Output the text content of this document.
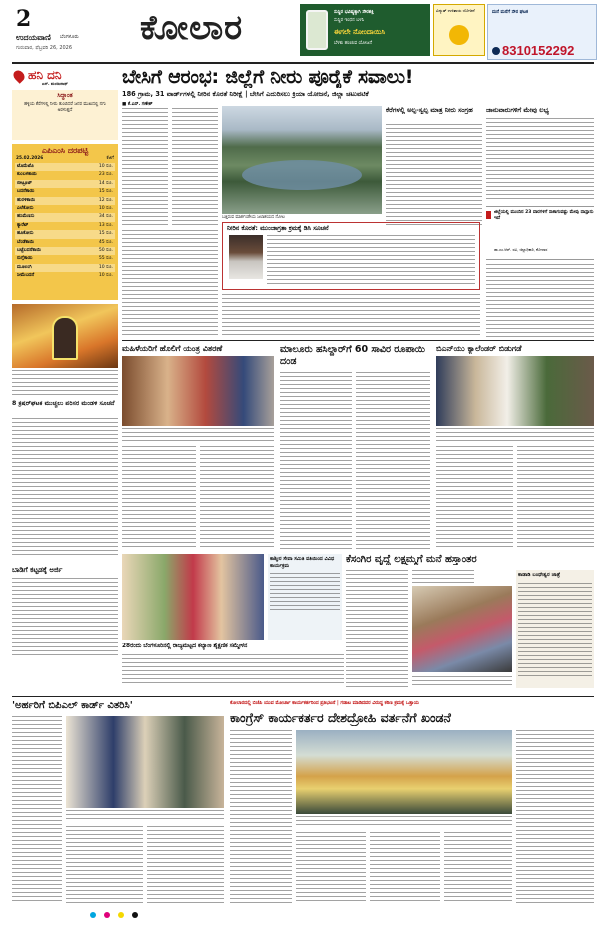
2
ಉದಯವಾಣಿ ಬೆಂಗಳೂರು
ಗುರುವಾರ, ಫೆಬ್ರವರಿ 26, 2026 ಕೋಲಾರ	ಸುಸ್ಥಿರ ಭವಿಷ್ಯಕ್ಕಾಗಿ ಸೌರಶಕ್ತಿ
ಸುಸ್ಥಿರ ಇಂಧನ ಬಳಸಿ
ಈಗಲೇ ನೋಂದಾಯಿಸಿ
ಬೆಳಕು ಹಂಚುವ ಯೋಜನೆ
ವಿದ್ಯುತ್ ಉಳಿತಾಯ ಯೋಜನೆ	ಮನೆ ಮನೆಗೆ ಸೌರ ಘಟಕ
8310152292
ಹನಿ ದನಿ
ಎಸ್. ಮಂಜುನಾಥ್
ಸಿದ್ಧಾಂತ
ಹಳ್ಳಿಯ ಕೆರೆಗಳಲ್ಲಿ ನೀರು ತುಂಬಿದರೆ ಜನರ ಮುಖದಲ್ಲಿ ನಗು ಅರಳುತ್ತದೆ
ಎಪಿಎಂಸಿ ದರಪಟ್ಟಿ
25.02.2026	ಕೆಜಿಗೆ
ಟೊಮೆಟೊ	10 ರೂ.
ಕುಂಬಳಕಾಯಿ	23 ರೂ.
ಬೀಟ್ರೂಟ್	14 ರೂ.
ಬದನೆಕಾಯಿ	15 ರೂ.
ಹುರಳಿಕಾಯಿ	12 ರೂ.
ಎಲೆಕೋಸು	10 ರೂ.
ಹಸಿಮೆಣಸು	34 ರೂ.
ಕ್ಯಾರೆಟ್	13 ರೂ.
ಹೂಕೋಸು	15 ರೂ.
ಬೆಂಡೆಕಾಯಿ	45 ರೂ.
ಬಟ್ಟೆಬದನೆಕಾಯಿ	50 ರೂ.
ನುಗ್ಗೆಕಾಯಿ	55 ರೂ.
ಮೂಲಂಗಿ	10 ರೂ.
ಸೀಮೆಬದನೆ	10 ರೂ.
8 ಕ್ರಷರ್‌ಘಟಕ ಮುಚ್ಚಲು ಪರಿಸರ ಮಂಡಳಿ ಸೂಚನೆ
ಬಾಡಿಗೆ ಕಟ್ಟಡಕ್ಕೆ ಅರ್ಜಿ
ಬೇಸಿಗೆ ಆರಂಭ: ಜಿಲ್ಲೆಗೆ ನೀರು ಪೂರೈಕೆ ಸವಾಲು!
186 ಗ್ರಾಮ, 31 ವಾರ್ಡ್‌ಗಳಲ್ಲಿ ನೀರಿನ ಕೊರತೆ ನಿರೀಕ್ಷೆ | ಬೇಸಿಗೆ ಎದುರಿಸಲು ಕ್ರಿಯಾ ಯೋಜನೆ, ಜಿಲ್ಲಾ ಚಟುವಟಿಕೆ
■ ಕೆ.ಎಸ್. ಗಣೇಶ್
ಬತ್ತಿರುವ ಮಾರ್ಕಂಡೇಯ ಜಲಾಶಯದ ನೋಟ
ಕೆರೆಗಳಲ್ಲಿ ಅಲ್ಪ-ಸ್ವಲ್ಪ ಮಾತ್ರ ನೀರು ಸಂಗ್ರಹ
ನೀರಿನ ಕೊರತೆ: ಮುಂಜಾಗ್ರತಾ ಕ್ರಮಕ್ಕೆ ಡಿಸಿ ಸೂಚನೆ
ಜಾನುವಾರುಗಳಿಗೆ ಮೇವು ಲಭ್ಯ
ಜಿಲ್ಲೆಯಲ್ಲಿ ಮುಂದಿನ 23 ವಾರಗಳಿಗೆ ಸಾಕಾಗುವಷ್ಟು ಮೇವು ದಾಸ್ತಾನು ಇದೆ
ಡಾ.ಎಂ.ಆರ್. ರವಿ, ಜಿಲ್ಲಾಧಿಕಾರಿ, ಕೋಲಾರ
ಮಹಿಳೆಯರಿಗೆ ಹೊಲಿಗೆ ಯಂತ್ರ ವಿತರಣೆ	ಮಾಲೂರು ಹಸಿಲ್ದಾರ್‌ಗೆ 60 ಸಾವಿರ ರೂಪಾಯಿ ದಂಡ
ಬಿಎನ್‌ಯು ಕ್ಯಾಲೆಂಡರ್ ಬಿಡುಗಡೆ
ಕಾಶ್ಮೀರ ಸೇವಾ ಸಮಿತಿ ವತಿಯಿಂದ ವಿವಿಧ ಕಾರ್ಯಕ್ರಮ
28ರಂದು ಬೆಂಗಳೂರಿನಲ್ಲಿ ರಾಜ್ಯಮಟ್ಟದ ಕಲ್ಯಾಣ ಶೈಕ್ಷಣಿಕ ಸಮ್ಮೇಳನ
ಕೆಸಂಗಿರ ವೃದ್ಧೆ ಲಕ್ಷ್ಮಮ್ಮಗೆ ಮನೆ ಹಸ್ತಾಂತರ
ಕಾಡಾಡಿ ಬಂಧೇಶ್ವರ ಜಾತ್ರೆ
'ಅರ್ಹರಿಗೆ ಬಿಪಿಎಲ್ ಕಾರ್ಡ್ ವಿತರಿಸಿ'	ಕೋಲಾರದಲ್ಲಿ ಬಿಜೆಪಿ ಯುವ ಮೋರ್ಚಾ ಕಾರ್ಯಕರ್ತರಿಂದ ಪ್ರತಿಭಟನೆ | ಗಡಾಟ ಮಾಡಿದವರ ವಿರುದ್ಧ ಕಠಿಣ ಕ್ರಮಕ್ಕೆ ಒತ್ತಾಯ
ಕಾಂಗ್ರೆಸ್ ಕಾರ್ಯಕರ್ತರ ದೇಶದ್ರೋಹಿ ವರ್ತನೆಗೆ ಖಂಡನೆ
